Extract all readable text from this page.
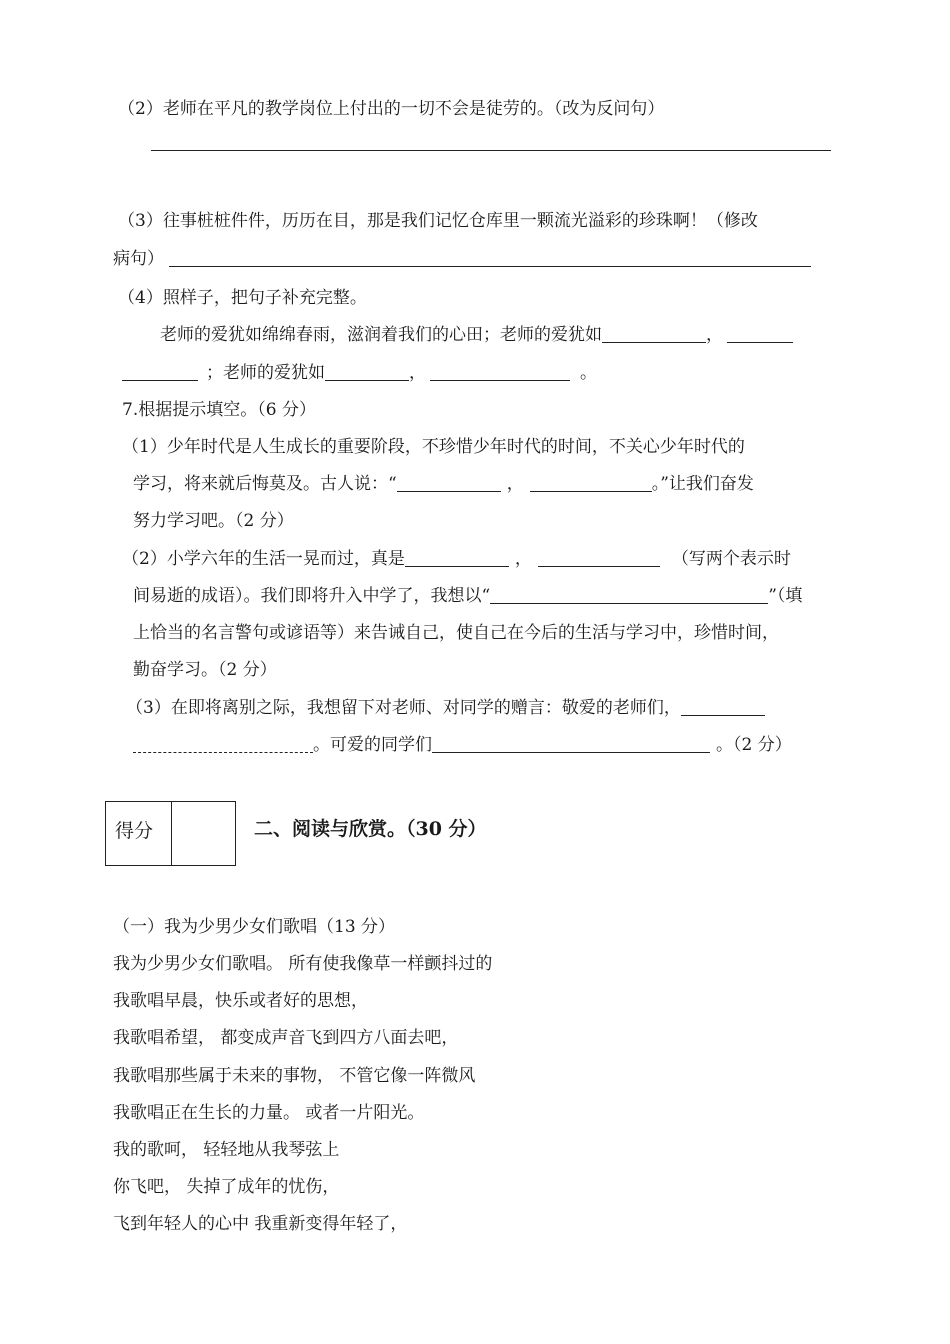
（2）老师在平凡的教学岗位上付出的一切不会是徒劳的。（改为反问句）
（3）往事桩桩件件，历历在目，那是我们记忆仓库里一颗流光溢彩的珍珠啊！（修改
病句）
（4）照样子，把句子补充完整。
老师的爱犹如绵绵春雨，滋润着我们的心田；老师的爱犹如	，
；老师的爱犹如	，	。
7.根据提示填空。（6 分）
（1）少年时代是人生成长的重要阶段，不珍惜少年时代的时间，不关心少年时代的
学习，将来就后悔莫及。古人说：“	，	。”让我们奋发
努力学习吧。（2 分）
（2）小学六年的生活一晃而过，真是	，	（写两个表示时
间易逝的成语）。我们即将升入中学了，我想以“	”（填
上恰当的名言警句或谚语等）来告诫自己，使自己在今后的生活与学习中，珍惜时间，
勤奋学习。（2 分）
（3）在即将离别之际，我想留下对老师、对同学的赠言：敬爱的老师们，
。可爱的同学们	。（2 分）
得分	二、阅读与欣赏。（30 分）
（一）我为少男少女们歌唱（13 分）
我为少男少女们歌唱。 所有使我像草一样颤抖过的
我歌唱早晨，快乐或者好的思想，
我歌唱希望， 都变成声音飞到四方八面去吧，
我歌唱那些属于未来的事物， 不管它像一阵微风
我歌唱正在生长的力量。 或者一片阳光。
我的歌呵， 轻轻地从我琴弦上
你飞吧， 失掉了成年的忧伤，
飞到年轻人的心中 我重新变得年轻了，
